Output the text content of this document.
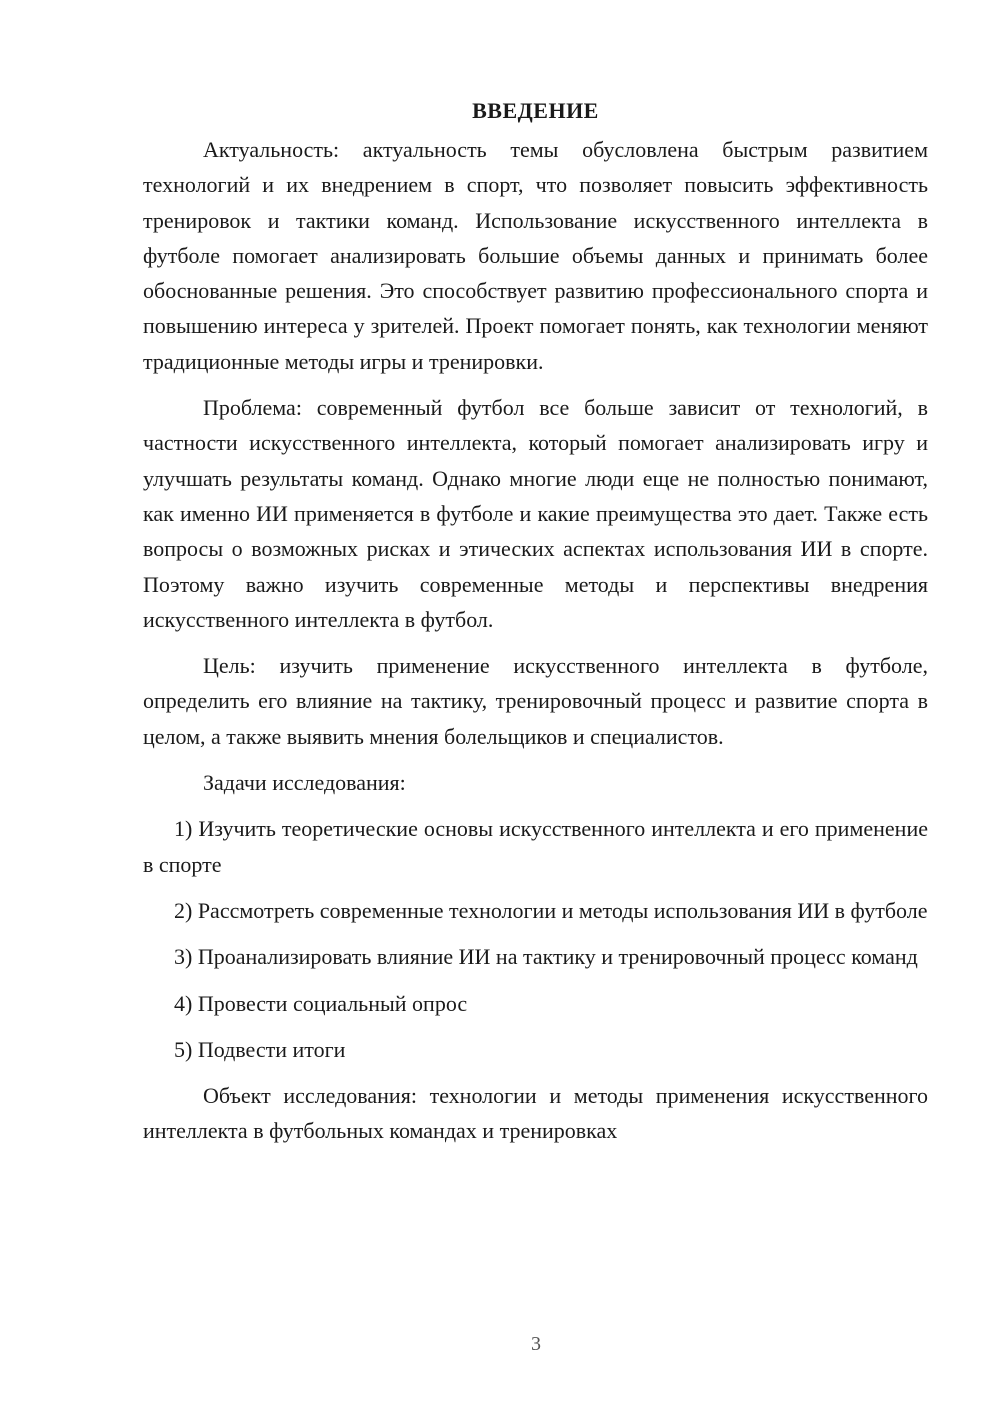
ВВЕДЕНИЕ

Актуальность: актуальность темы обусловлена быстрым развитием технологий и их внедрением в спорт, что позволяет повысить эффективность тренировок и тактики команд. Использование искусственного интеллекта в футболе помогает анализировать большие объемы данных и принимать более обоснованные решения. Это способствует развитию профессионального спорта и повышению интереса у зрителей. Проект помогает понять, как технологии меняют традиционные методы игры и тренировки.

Проблема: современный футбол все больше зависит от технологий, в частности искусственного интеллекта, который помогает анализировать игру и улучшать результаты команд. Однако многие люди еще не полностью понимают, как именно ИИ применяется в футболе и какие преимущества это дает. Также есть вопросы о возможных рисках и этических аспектах использования ИИ в спорте. Поэтому важно изучить современные методы и перспективы внедрения искусственного интеллекта в футбол.

Цель: изучить применение искусственного интеллекта в футболе, определить его влияние на тактику, тренировочный процесс и развитие спорта в целом, а также выявить мнения болельщиков и специалистов.

Задачи исследования:

1) Изучить теоретические основы искусственного интеллекта и его применение в спорте

2) Рассмотреть современные технологии и методы использования ИИ в футболе

3) Проанализировать влияние ИИ на тактику и тренировочный процесс команд

4) Провести социальный опрос

5) Подвести итоги

Объект исследования: технологии и методы применения искусственного интеллекта в футбольных командах и тренировках

3
